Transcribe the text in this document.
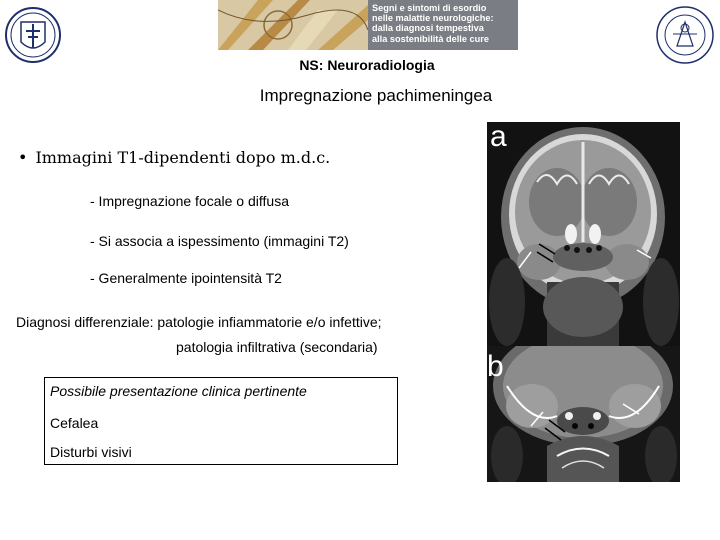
Segni e sintomi di esordio
nelle malattie neurologiche:
dalla diagnosi tempestiva
alla sostenibilità delle cure
NS: Neuroradiologia
Impregnazione pachimeningea
• Immagini T1-dipendenti dopo m.d.c.
- Impregnazione focale o diffusa
- Si associa a ispessimento (immagini T2)
- Generalmente ipointensità T2
Diagnosi differenziale: patologie infiammatorie e/o infettive;
patologia infiltrativa (secondaria)
Possibile presentazione clinica pertinente
Cefalea
Disturbi visivi
a
b
